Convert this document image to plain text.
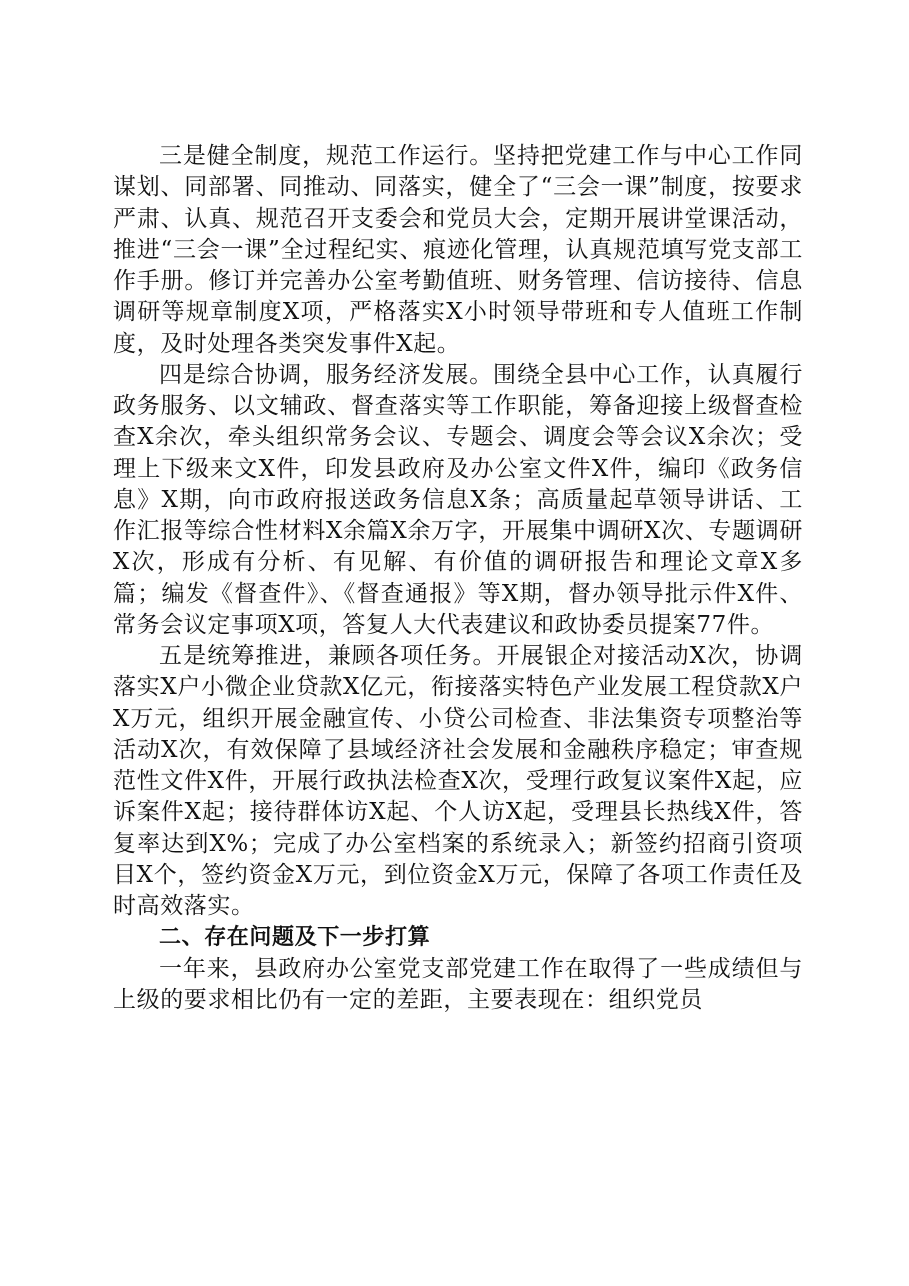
三是健全制度，规范工作运行。坚持把党建工作与中心工作同谋划、同部署、同推动、同落实，健全了“三会一课”制度，按要求严肃、认真、规范召开支委会和党员大会，定期开展讲堂课活动，推进“三会一课”全过程纪实、痕迹化管理，认真规范填写党支部工作手册。修订并完善办公室考勤值班、财务管理、信访接待、信息调研等规章制度X项，严格落实X小时领导带班和专人值班工作制度，及时处理各类突发事件X起。

四是综合协调，服务经济发展。围绕全县中心工作，认真履行政务服务、以文辅政、督查落实等工作职能，筹备迎接上级督查检查X余次，牵头组织常务会议、专题会、调度会等会议X余次；受理上下级来文X件，印发县政府及办公室文件X件，编印《政务信息》X期，向市政府报送政务信息X条；高质量起草领导讲话、工作汇报等综合性材料X余篇X余万字，开展集中调研X次、专题调研X次，形成有分析、有见解、有价值的调研报告和理论文章X多篇；编发《督查件》、《督查通报》等X期，督办领导批示件X件、常务会议定事项X项，答复人大代表建议和政协委员提案77件。

五是统筹推进，兼顾各项任务。开展银企对接活动X次，协调落实X户小微企业贷款X亿元，衔接落实特色产业发展工程贷款X户X万元，组织开展金融宣传、小贷公司检查、非法集资专项整治等活动X次，有效保障了县域经济社会发展和金融秩序稳定；审查规范性文件X件，开展行政执法检查X次，受理行政复议案件X起，应诉案件X起；接待群体访X起、个人访X起，受理县长热线X件，答复率达到X%；完成了办公室档案的系统录入；新签约招商引资项目X个，签约资金X万元，到位资金X万元，保障了各项工作责任及时高效落实。

二、存在问题及下一步打算

一年来，县政府办公室党支部党建工作在取得了一些成绩但与上级的要求相比仍有一定的差距，主要表现在：组织党员
